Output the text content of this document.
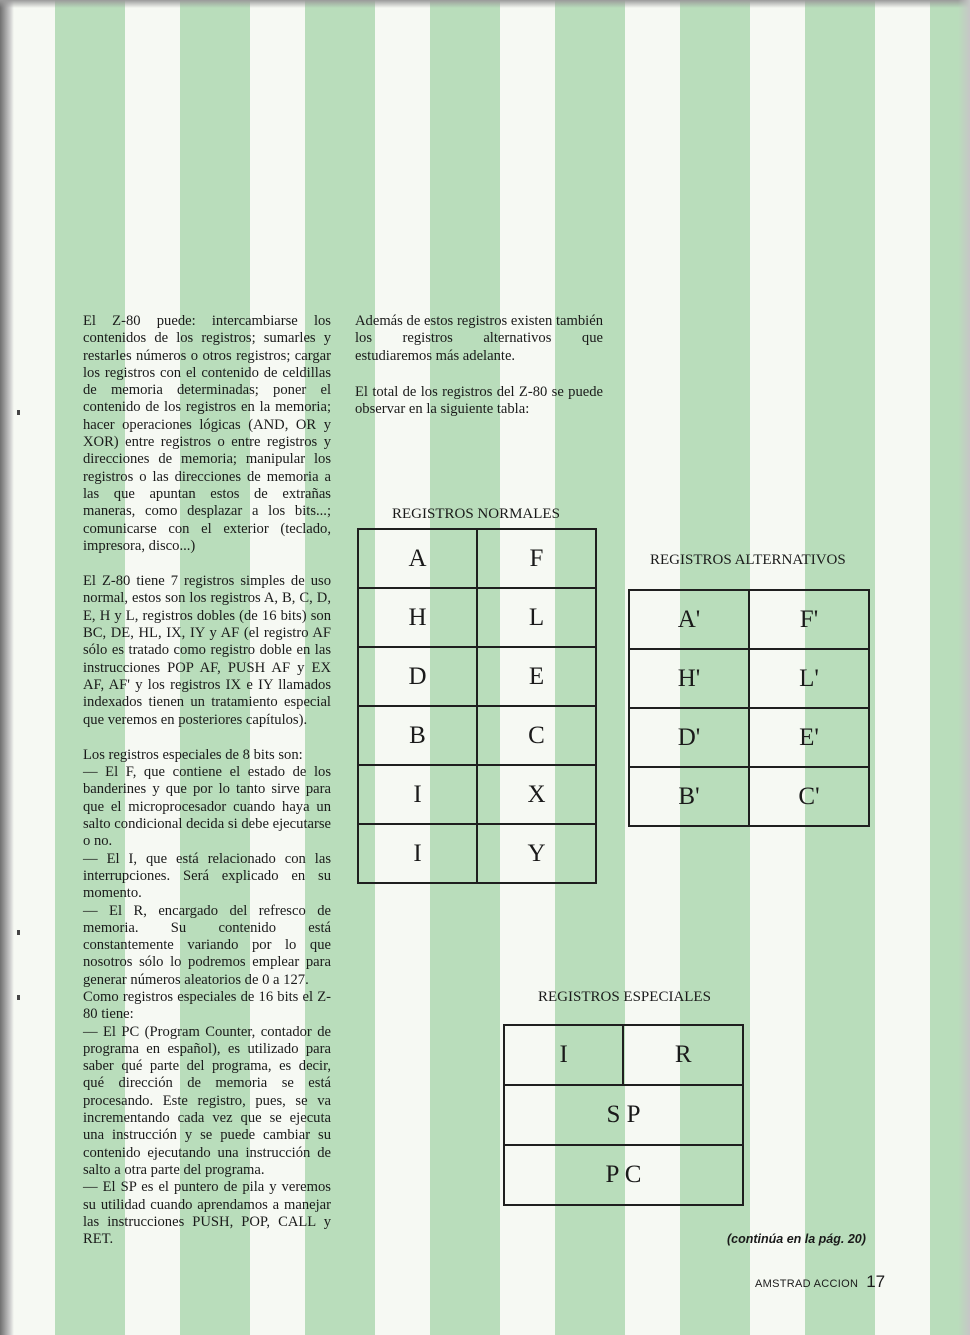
El Z-80 puede: intercambiarse los contenidos de los registros; sumarles y restarles números o otros registros; cargar los registros con el contenido de celdillas de memoria determinadas; poner el contenido de los registros en la memoria; hacer operaciones lógicas (AND, OR y XOR) entre registros o entre registros y direcciones de memoria; manipular los registros o las direcciones de memoria a las que apuntan estos de extrañas maneras, como desplazar a los bits...; comunicarse con el exterior (teclado, impresora, disco...)

El Z-80 tiene 7 registros simples de uso normal, estos son los registros A, B, C, D, E, H y L, registros dobles (de 16 bits) son BC, DE, HL, IX, IY y AF (el registro AF sólo es tratado como registro doble en las instrucciones POP AF, PUSH AF y EX AF, AF' y los registros IX e IY llamados indexados tienen un tratamiento especial que veremos en posteriores capítulos).

Los registros especiales de 8 bits son:

— El F, que contiene el estado de los banderines y que por lo tanto sirve para que el microprocesador cuando haya un salto condicional decida si debe ejecutarse o no.

— El I, que está relacionado con las interrupciones. Será explicado en su momento.

— El R, encargado del refresco de memoria. Su contenido está constantemente variando por lo que nosotros sólo lo podremos emplear para generar números aleatorios de 0 a 127.

Como registros especiales de 16 bits el Z-80 tiene:

— El PC (Program Counter, contador de programa en español), es utilizado para saber qué parte del programa, es decir, qué dirección de memoria se está procesando. Este registro, pues, se va incrementando cada vez que se ejecuta una instrucción y se puede cambiar su contenido ejecutando una instrucción de salto a otra parte del programa.

— El SP es el puntero de pila y veremos su utilidad cuando aprendamos a manejar las instrucciones PUSH, POP, CALL y RET.

Además de estos registros existen también los registros alternativos que estudiaremos más adelante.

El total de los registros del Z-80 se puede observar en la siguiente tabla:

REGISTROS NORMALES
A	F
H	L
D	E
B	C
I	X
I	Y
REGISTROS ALTERNATIVOS
A'	F'
H'	L'
D'	E'
B'	C'
REGISTROS ESPECIALES
I	R
S P
P C
(continúa en la pág. 20)
AMSTRAD ACCION 17
